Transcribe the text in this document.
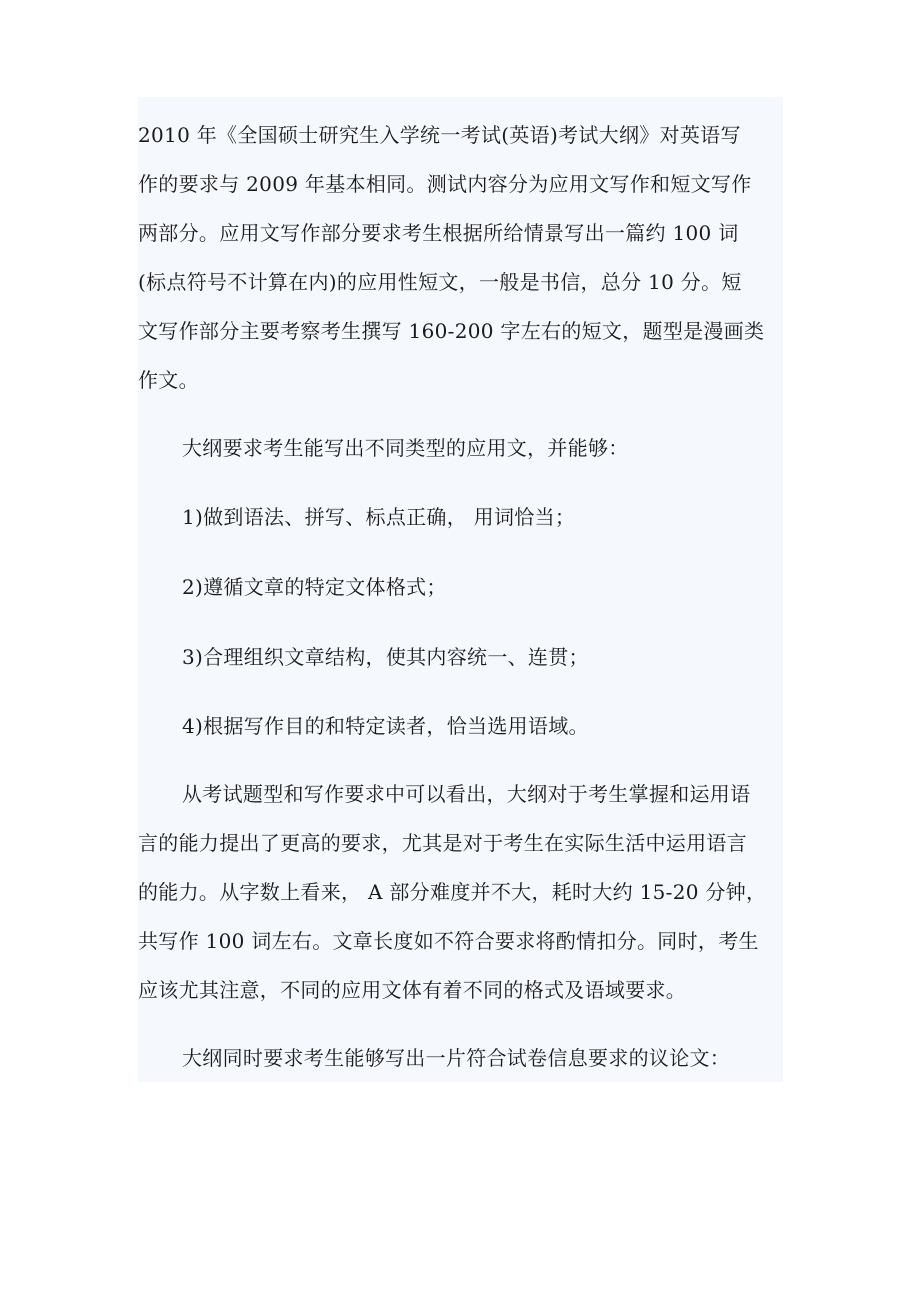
2010 年《全国硕士研究生入学统一考试(英语)考试大纲》对英语写
作的要求与 2009 年基本相同。测试内容分为应用文写作和短文写作
两部分。应用文写作部分要求考生根据所给情景写出一篇约 100 词
(标点符号不计算在内)的应用性短文，一般是书信，总分 10 分。短
文写作部分主要考察考生撰写 160-200 字左右的短文，题型是漫画类
作文。
大纲要求考生能写出不同类型的应用文，并能够：
1)做到语法、拼写、标点正确， 用词恰当；
2)遵循文章的特定文体格式；
3)合理组织文章结构，使其内容统一、连贯；
4)根据写作目的和特定读者，恰当选用语域。
从考试题型和写作要求中可以看出，大纲对于考生掌握和运用语
言的能力提出了更高的要求，尤其是对于考生在实际生活中运用语言
的能力。从字数上看来， A 部分难度并不大，耗时大约 15-20 分钟，
共写作 100 词左右。文章长度如不符合要求将酌情扣分。同时，考生
应该尤其注意，不同的应用文体有着不同的格式及语域要求。
大纲同时要求考生能够写出一片符合试卷信息要求的议论文：
